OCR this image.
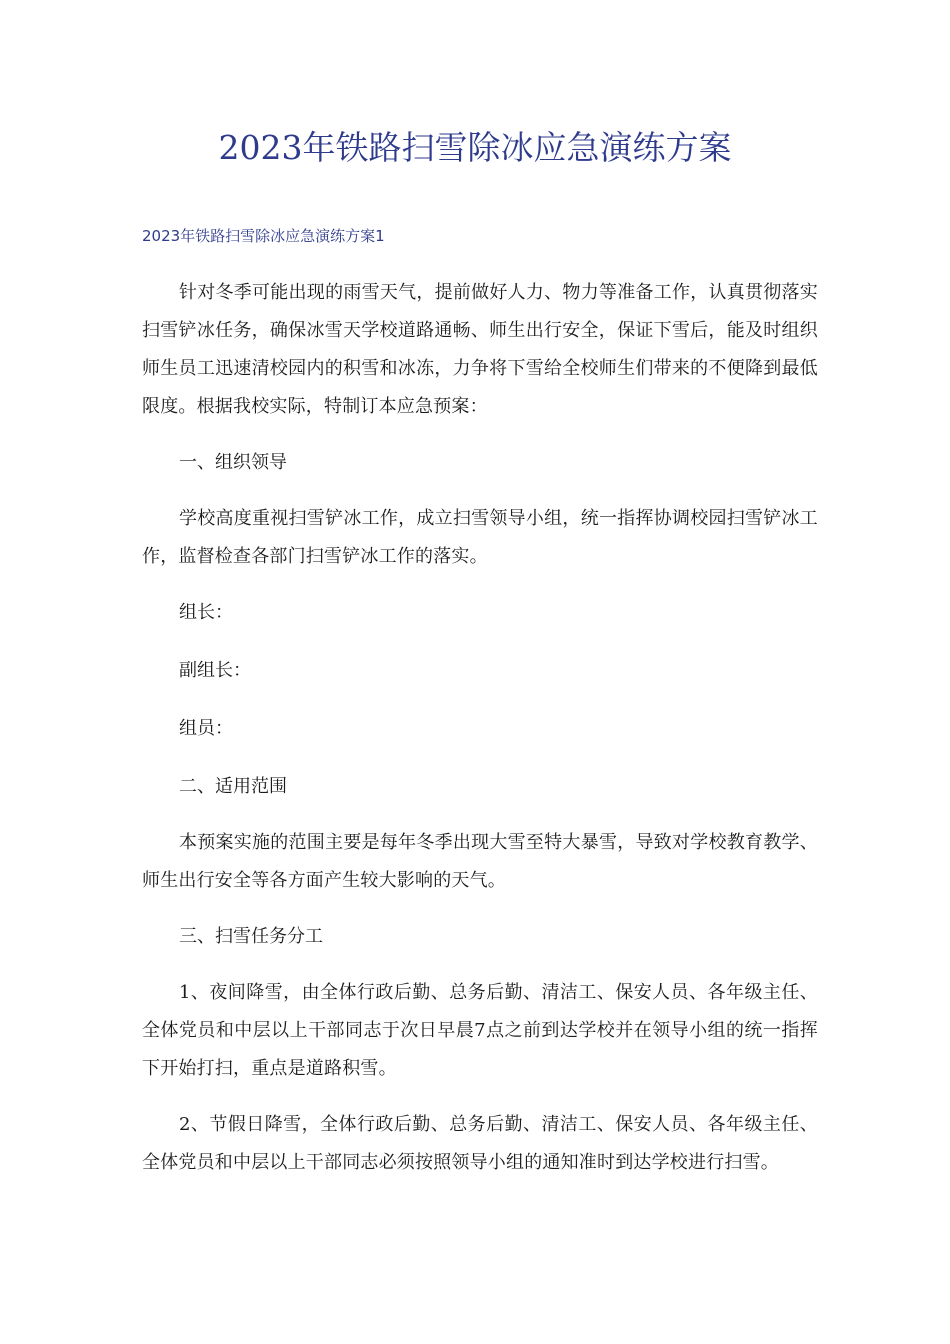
2023年铁路扫雪除冰应急演练方案
2023年铁路扫雪除冰应急演练方案1

针对冬季可能出现的雨雪天气，提前做好人力、物力等准备工作，认真贯彻落实扫雪铲冰任务，确保冰雪天学校道路通畅、师生出行安全，保证下雪后，能及时组织师生员工迅速清校园内的积雪和冰冻，力争将下雪给全校师生们带来的不便降到最低限度。根据我校实际，特制订本应急预案：

一、组织领导

学校高度重视扫雪铲冰工作，成立扫雪领导小组，统一指挥协调校园扫雪铲冰工作，监督检查各部门扫雪铲冰工作的落实。

组长：

副组长：

组员：

二、适用范围

本预案实施的范围主要是每年冬季出现大雪至特大暴雪，导致对学校教育教学、师生出行安全等各方面产生较大影响的天气。

三、扫雪任务分工

1、夜间降雪，由全体行政后勤、总务后勤、清洁工、保安人员、各年级主任、全体党员和中层以上干部同志于次日早晨7点之前到达学校并在领导小组的统一指挥下开始打扫，重点是道路积雪。

2、节假日降雪，全体行政后勤、总务后勤、清洁工、保安人员、各年级主任、全体党员和中层以上干部同志必须按照领导小组的通知准时到达学校进行扫雪。
